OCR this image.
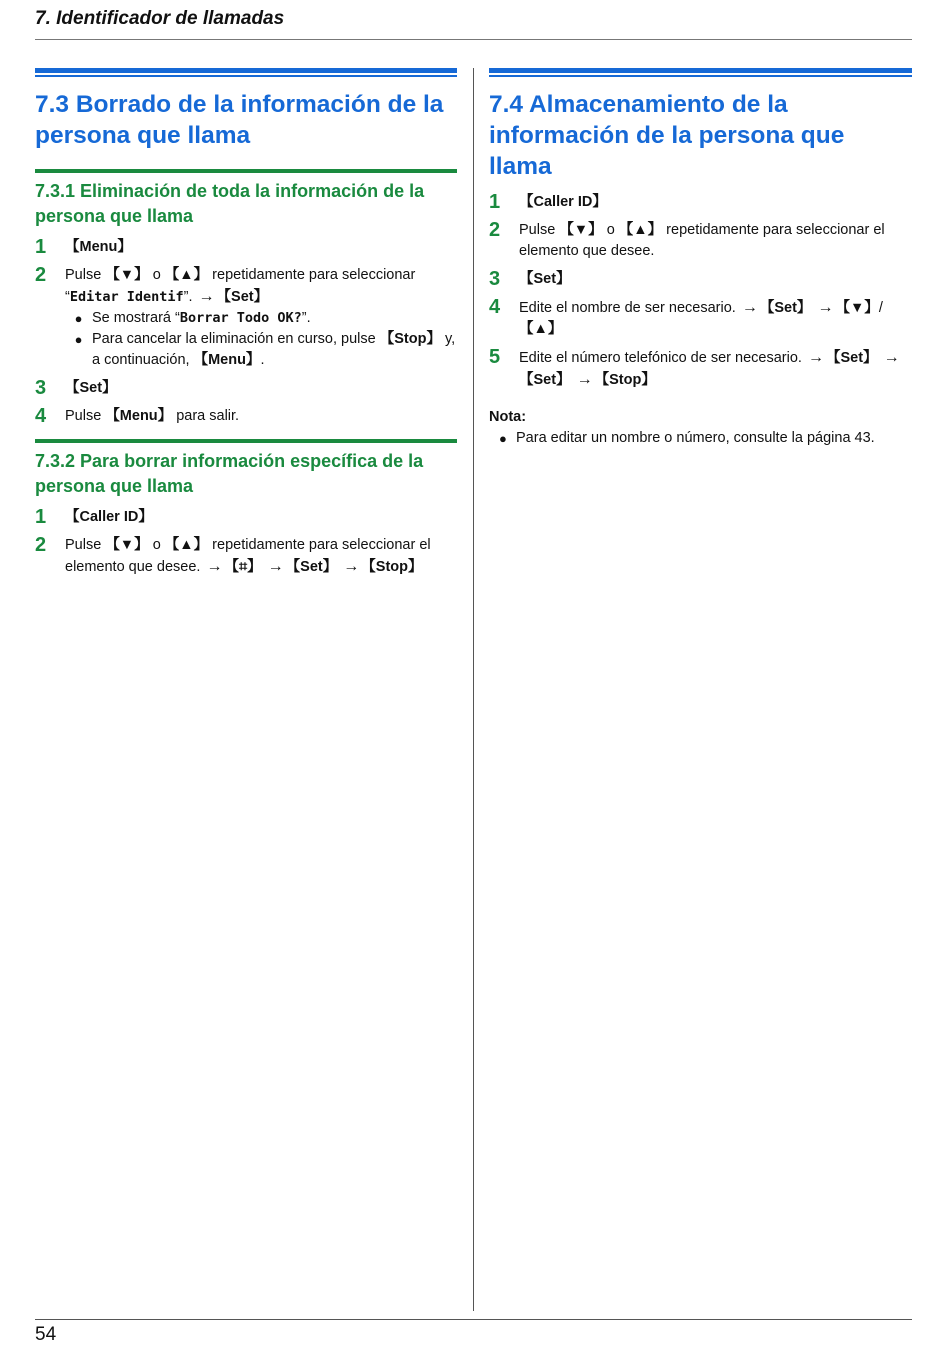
7. Identificador de llamadas
7.3 Borrado de la información de la persona que llama
7.3.1 Eliminación de toda la información de la persona que llama
1	【Menu】
2	Pulse 【▼】 o 【▲】 repetidamente para seleccionar “Editar Identif”. → 【Set】
● Se mostrará “Borrar Todo OK?”.
● Para cancelar la eliminación en curso, pulse 【Stop】 y, a continuación, 【Menu】.
3	【Set】
4	Pulse 【Menu】 para salir.
7.3.2 Para borrar información específica de la persona que llama
1	【Caller ID】
2	Pulse 【▼】 o 【▲】 repetidamente para seleccionar el elemento que desee. → 【⌗】 → 【Set】 → 【Stop】
7.4 Almacenamiento de la información de la persona que llama
1	【Caller ID】
2	Pulse 【▼】 o 【▲】 repetidamente para seleccionar el elemento que desee.
3	【Set】
4	Edite el nombre de ser necesario. → 【Set】 → 【▼】/【▲】
5	Edite el número telefónico de ser necesario. → 【Set】 →【Set】 → 【Stop】
Nota:
● Para editar un nombre o número, consulte la página 43.
54
